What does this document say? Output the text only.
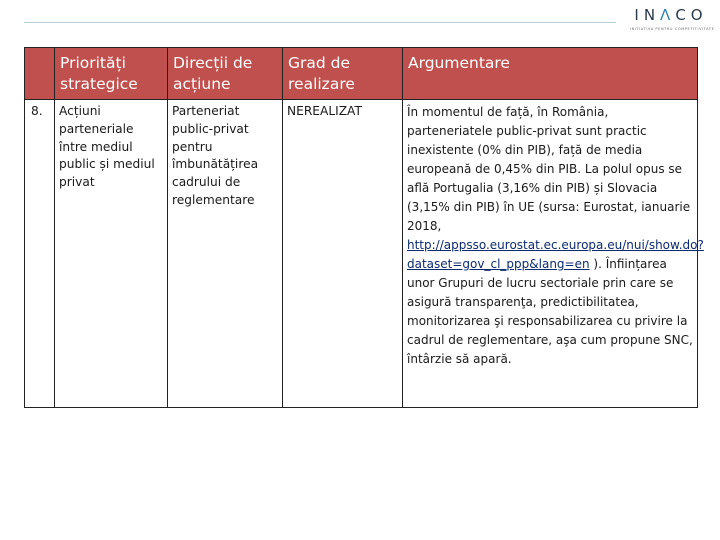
INΛCO
INITIATIVA PENTRU COMPETITIVITATE
	Priorități strategice	Direcții de acțiune	Grad de realizare	Argumentare
8.	Acțiuni parteneriale între mediul public și mediul privat	Parteneriat public-privat pentru îmbunătățirea cadrului de reglementare	NEREALIZAT	În momentul de față, în România, parteneriatele public-privat sunt practic inexistente (0% din PIB), față de media europeană de 0,45% din PIB. La polul opus se află Portugalia (3,16% din PIB) și Slovacia (3,15% din PIB) în UE (sursa: Eurostat, ianuarie 2018, http://appsso.eurostat.ec.europa.eu/nui/show.do?dataset=gov_cl_ppp&lang=en ). Înființarea unor Grupuri de lucru sectoriale prin care se asigură transparenţa, predictibilitatea, monitorizarea şi responsabilizarea cu privire la cadrul de reglementare, aşa cum propune SNC, întârzie să apară.
